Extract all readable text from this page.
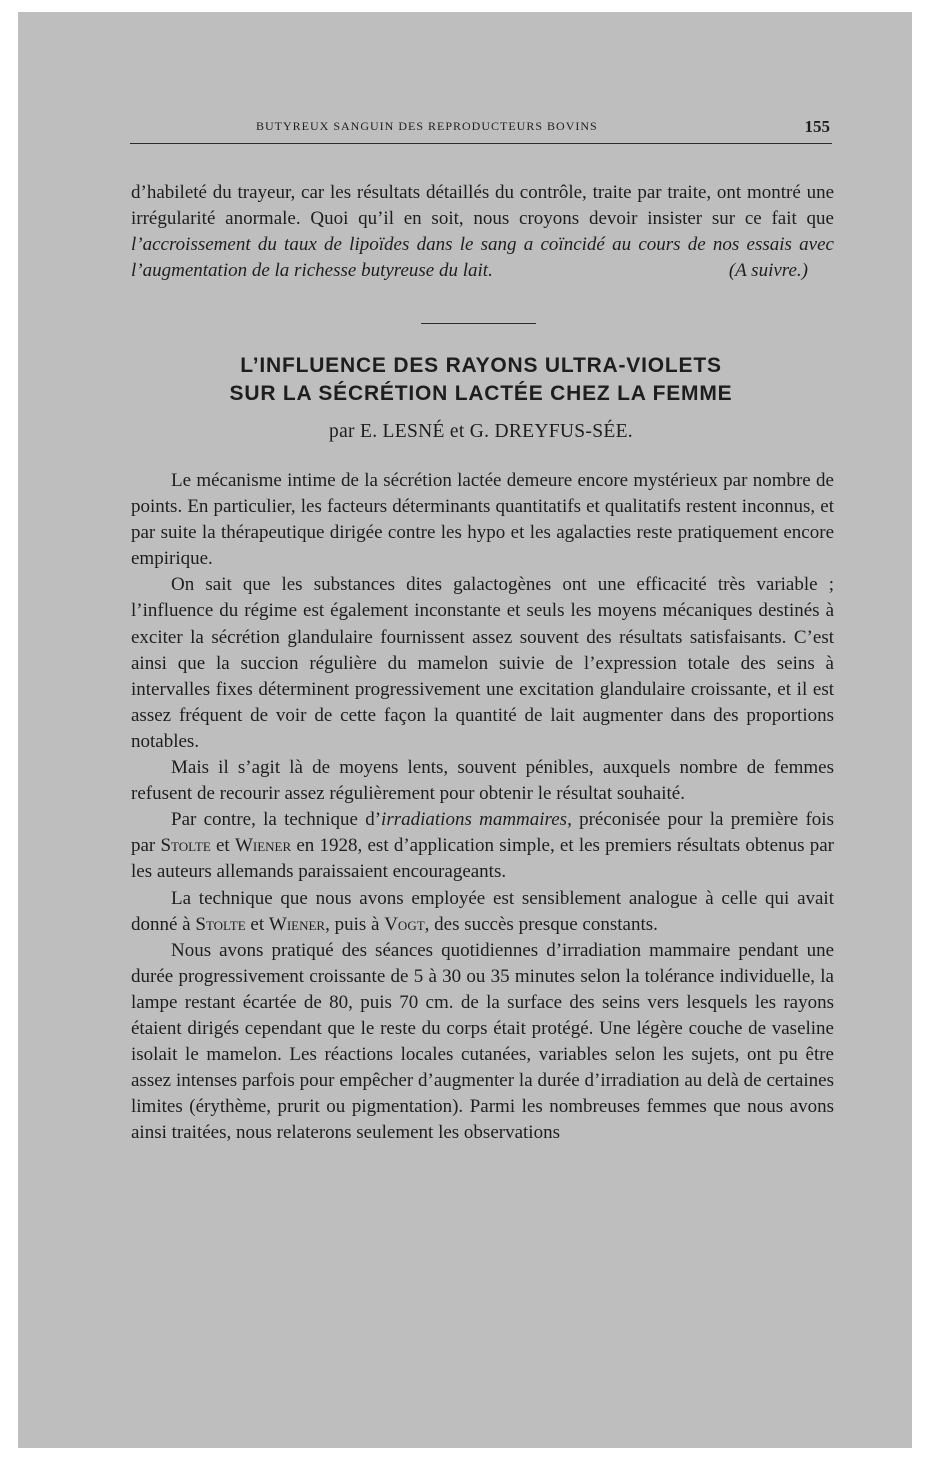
BUTYREUX SANGUIN DES REPRODUCTEURS BOVINS	155
d’habileté du trayeur, car les résultats détaillés du contrôle, traite par traite, ont montré une irrégularité anormale. Quoi qu’il en soit, nous croyons devoir insister sur ce fait que l’accroissement du taux de lipoïdes dans le sang a coïncidé au cours de nos essais avec l’augmentation de la richesse butyreuse du lait.	(A suivre.)
L’INFLUENCE DES RAYONS ULTRA-VIOLETS
SUR LA SÉCRÉTION LACTÉE CHEZ LA FEMME
par E. LESNÉ et G. DREYFUS-SÉE.

Le mécanisme intime de la sécrétion lactée demeure encore mystérieux par nombre de points. En particulier, les facteurs déterminants quantitatifs et qualitatifs restent inconnus, et par suite la thérapeutique dirigée contre les hypo et les agalacties reste pratiquement encore empirique.

On sait que les substances dites galactogènes ont une efficacité très variable ; l’influence du régime est également inconstante et seuls les moyens mécaniques destinés à exciter la sécrétion glandulaire fournissent assez souvent des résultats satisfaisants. C’est ainsi que la succion régulière du mamelon suivie de l’expression totale des seins à intervalles fixes déterminent progressivement une excitation glandulaire croissante, et il est assez fréquent de voir de cette façon la quantité de lait augmenter dans des proportions notables.

Mais il s’agit là de moyens lents, souvent pénibles, auxquels nombre de femmes refusent de recourir assez régulièrement pour obtenir le résultat souhaité.

Par contre, la technique d’irradiations mammaires, préconisée pour la première fois par Stolte et Wiener en 1928, est d’application simple, et les premiers résultats obtenus par les auteurs allemands paraissaient encourageants.

La technique que nous avons employée est sensiblement analogue à celle qui avait donné à Stolte et Wiener, puis à Vogt, des succès presque constants.

Nous avons pratiqué des séances quotidiennes d’irradiation mammaire pendant une durée progressivement croissante de 5 à 30 ou 35 minutes selon la tolérance individuelle, la lampe restant écartée de 80, puis 70 cm. de la surface des seins vers lesquels les rayons étaient dirigés cependant que le reste du corps était protégé. Une légère couche de vaseline isolait le mamelon. Les réactions locales cutanées, variables selon les sujets, ont pu être assez intenses parfois pour empêcher d’augmenter la durée d’irradiation au delà de certaines limites (érythème, prurit ou pigmentation). Parmi les nombreuses femmes que nous avons ainsi traitées, nous relaterons seulement les observations
